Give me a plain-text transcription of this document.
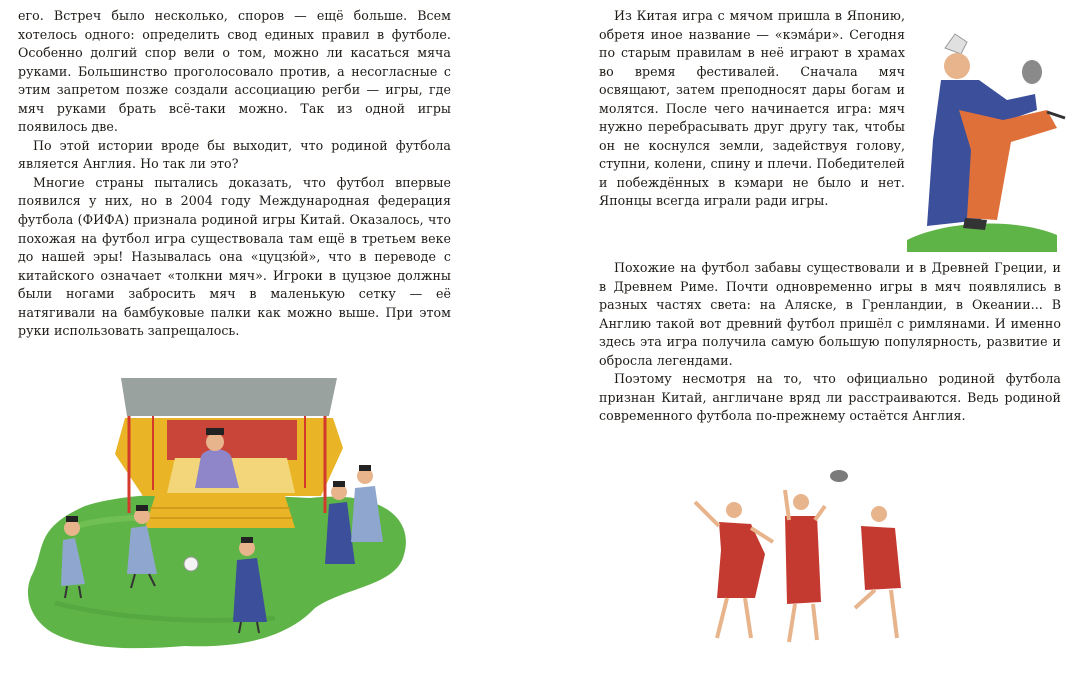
его. Встреч было несколько, споров — ещё больше. Всем хотелось одного: определить свод единых правил в футболе. Особенно долгий спор вели о том, можно ли касаться мяча руками. Большинство проголосовало против, а несогласные с этим запретом позже создали ассоциацию регби — игры, где мяч руками брать всё-таки можно. Так из одной игры появилось две.

По этой истории вроде бы выходит, что родиной футбола является Англия. Но так ли это?

Многие страны пытались доказать, что футбол впервые появился у них, но в 2004 году Международная федерация футбола (ФИФА) признала родиной игры Китай. Оказалось, что похожая на футбол игра существовала там ещё в третьем веке до нашей эры! Называлась она «цуцзю́й», что в переводе с китайского означает «толкни мяч». Игроки в цуцзюе должны были ногами забросить мяч в маленькую сетку — её натягивали на бамбуковые палки как можно выше. При этом руки использовать запрещалось.

Из Китая игра с мячом пришла в Японию, обретя иное название — «кэма́ри». Сегодня по старым правилам в неё играют в храмах во время фестивалей. Сначала мяч освящают, затем преподносят дары богам и молятся. После чего начинается игра: мяч нужно перебрасывать друг другу так, чтобы он не коснулся земли, задействуя голову, ступни, колени, спину и плечи. Победителей и побеждённых в кэмари не было и нет. Японцы всегда играли ради игры.

Похожие на футбол забавы существовали и в Древней Греции, и в Древнем Риме. Почти одновременно игры в мяч появлялись в разных частях света: на Аляске, в Гренландии, в Океании... В Англию такой вот древний футбол пришёл с римлянами. И именно здесь эта игра получила самую большую популярность, развитие и обросла легендами.

Поэтому несмотря на то, что официально родиной футбола признан Китай, англичане вряд ли расстраиваются. Ведь родиной современного футбола по-прежнему остаётся Англия.
